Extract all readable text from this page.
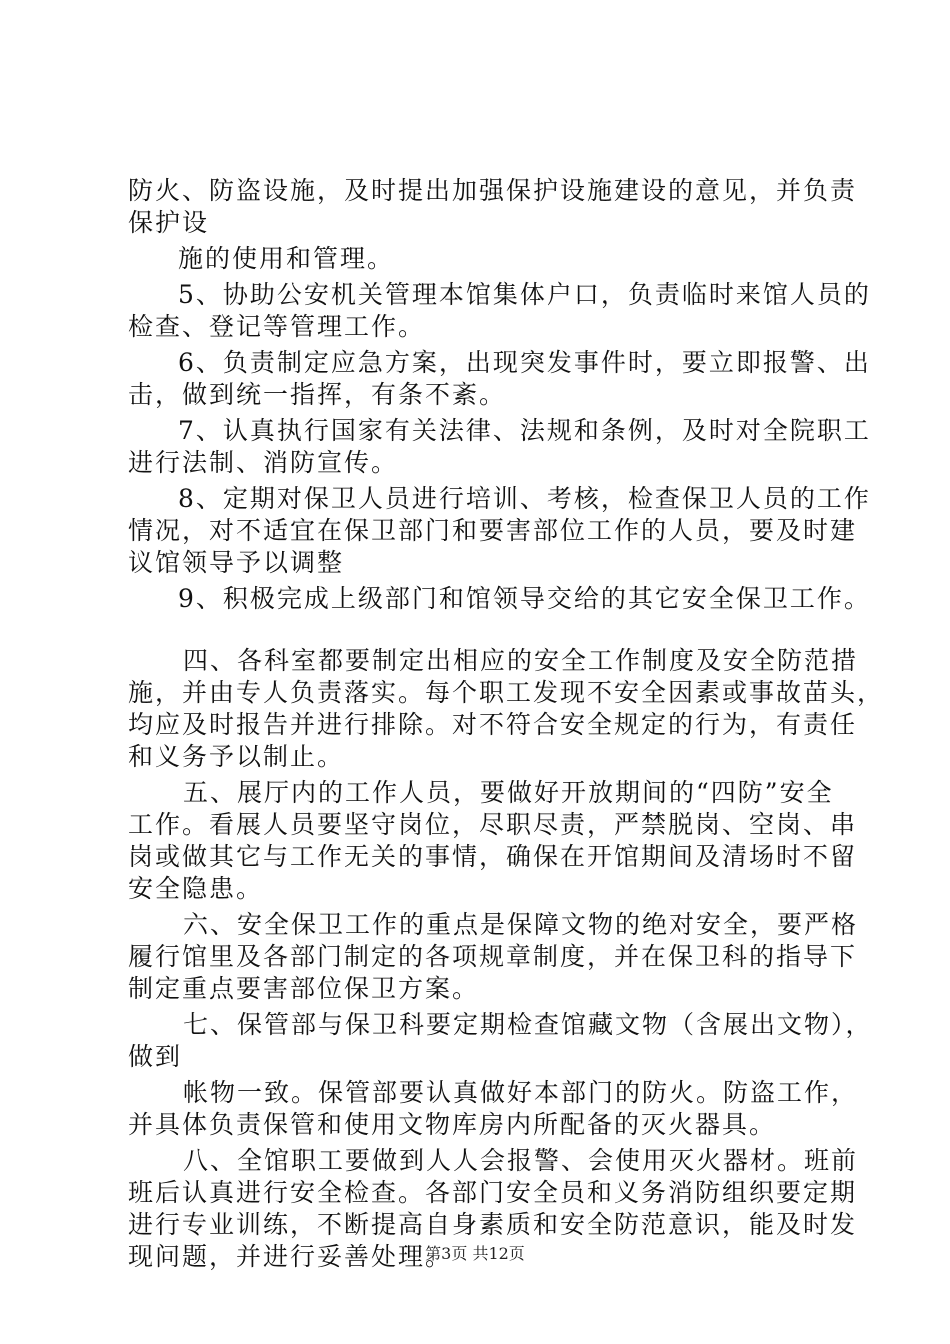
防火、防盗设施，及时提出加强保护设施建设的意见，并负责
保护设
施的使用和管理。
5、协助公安机关管理本馆集体户口，负责临时来馆人员的
检查、登记等管理工作。
6、负责制定应急方案，出现突发事件时，要立即报警、出
击，做到统一指挥，有条不紊。
7、认真执行国家有关法律、法规和条例，及时对全院职工
进行法制、消防宣传。
8、定期对保卫人员进行培训、考核，检查保卫人员的工作
情况，对不适宜在保卫部门和要害部位工作的人员，要及时建
议馆领导予以调整
9、积极完成上级部门和馆领导交给的其它安全保卫工作。
四、各科室都要制定出相应的安全工作制度及安全防范措
施，并由专人负责落实。每个职工发现不安全因素或事故苗头，
均应及时报告并进行排除。对不符合安全规定的行为，有责任
和义务予以制止。
五、展厅内的工作人员，要做好开放期间的“四防”安全
工作。看展人员要坚守岗位，尽职尽责，严禁脱岗、空岗、串
岗或做其它与工作无关的事情，确保在开馆期间及清场时不留
安全隐患。
六、安全保卫工作的重点是保障文物的绝对安全，要严格
履行馆里及各部门制定的各项规章制度，并在保卫科的指导下
制定重点要害部位保卫方案。
七、保管部与保卫科要定期检查馆藏文物（含展出文物），
做到
帐物一致。保管部要认真做好本部门的防火。防盗工作，
并具体负责保管和使用文物库房内所配备的灭火器具。
八、全馆职工要做到人人会报警、会使用灭火器材。班前
班后认真进行安全检查。各部门安全员和义务消防组织要定期
进行专业训练，不断提高自身素质和安全防范意识，能及时发
现问题，并进行妥善处理。
第3页 共12页
